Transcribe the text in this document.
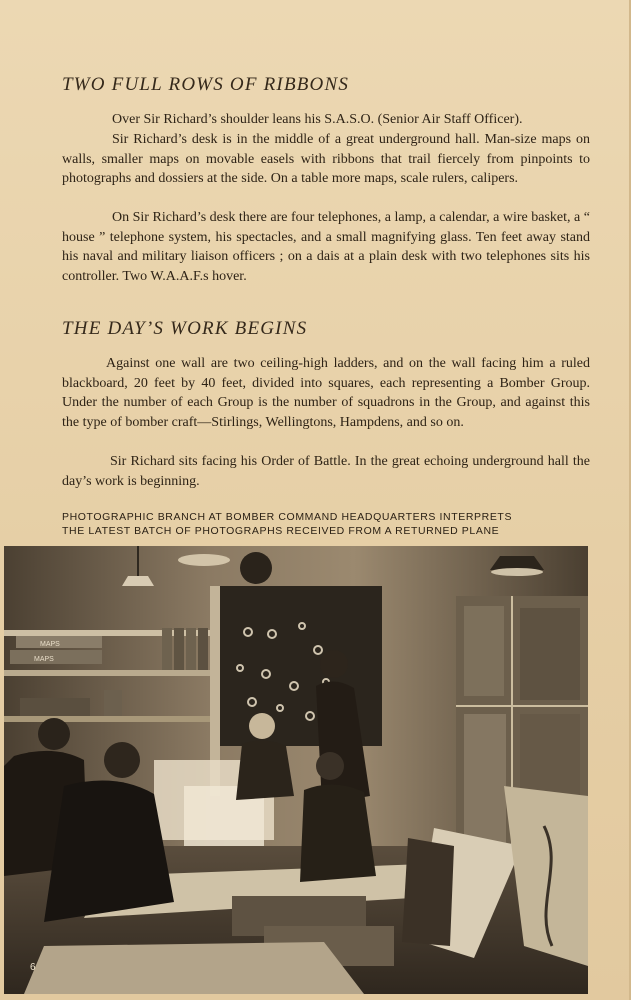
TWO FULL ROWS OF RIBBONS

Over Sir Richard’s shoulder leans his S.A.S.O. (Senior Air Staff Officer).

Sir Richard’s desk is in the middle of a great underground hall. Man-size maps on walls, smaller maps on movable easels with ribbons that trail fiercely from pinpoints to photographs and dossiers at the side. On a table more maps, scale rulers, calipers.

On Sir Richard’s desk there are four telephones, a lamp, a calendar, a wire basket, a “ house ” telephone system, his spectacles, and a small magnifying glass. Ten feet away stand his naval and military liaison officers ; on a dais at a plain desk with two telephones sits his controller. Two W.A.A.F.s hover.

THE DAY’S WORK BEGINS

Against one wall are two ceiling-high ladders, and on the wall facing him a ruled blackboard, 20 feet by 40 feet, divided into squares, each representing a Bomber Group. Under the number of each Group is the number of squadrons in the Group, and against this the type of bomber craft—Stirlings, Wellingtons, Hampdens, and so on.

Sir Richard sits facing his Order of Battle. In the great echoing underground hall the day’s work is beginning.

PHOTOGRAPHIC BRANCH AT BOMBER COMMAND HEADQUARTERS INTERPRETS
THE LATEST BATCH OF PHOTOGRAPHS RECEIVED FROM A RETURNED PLANE

MAPS
MAPS

6
